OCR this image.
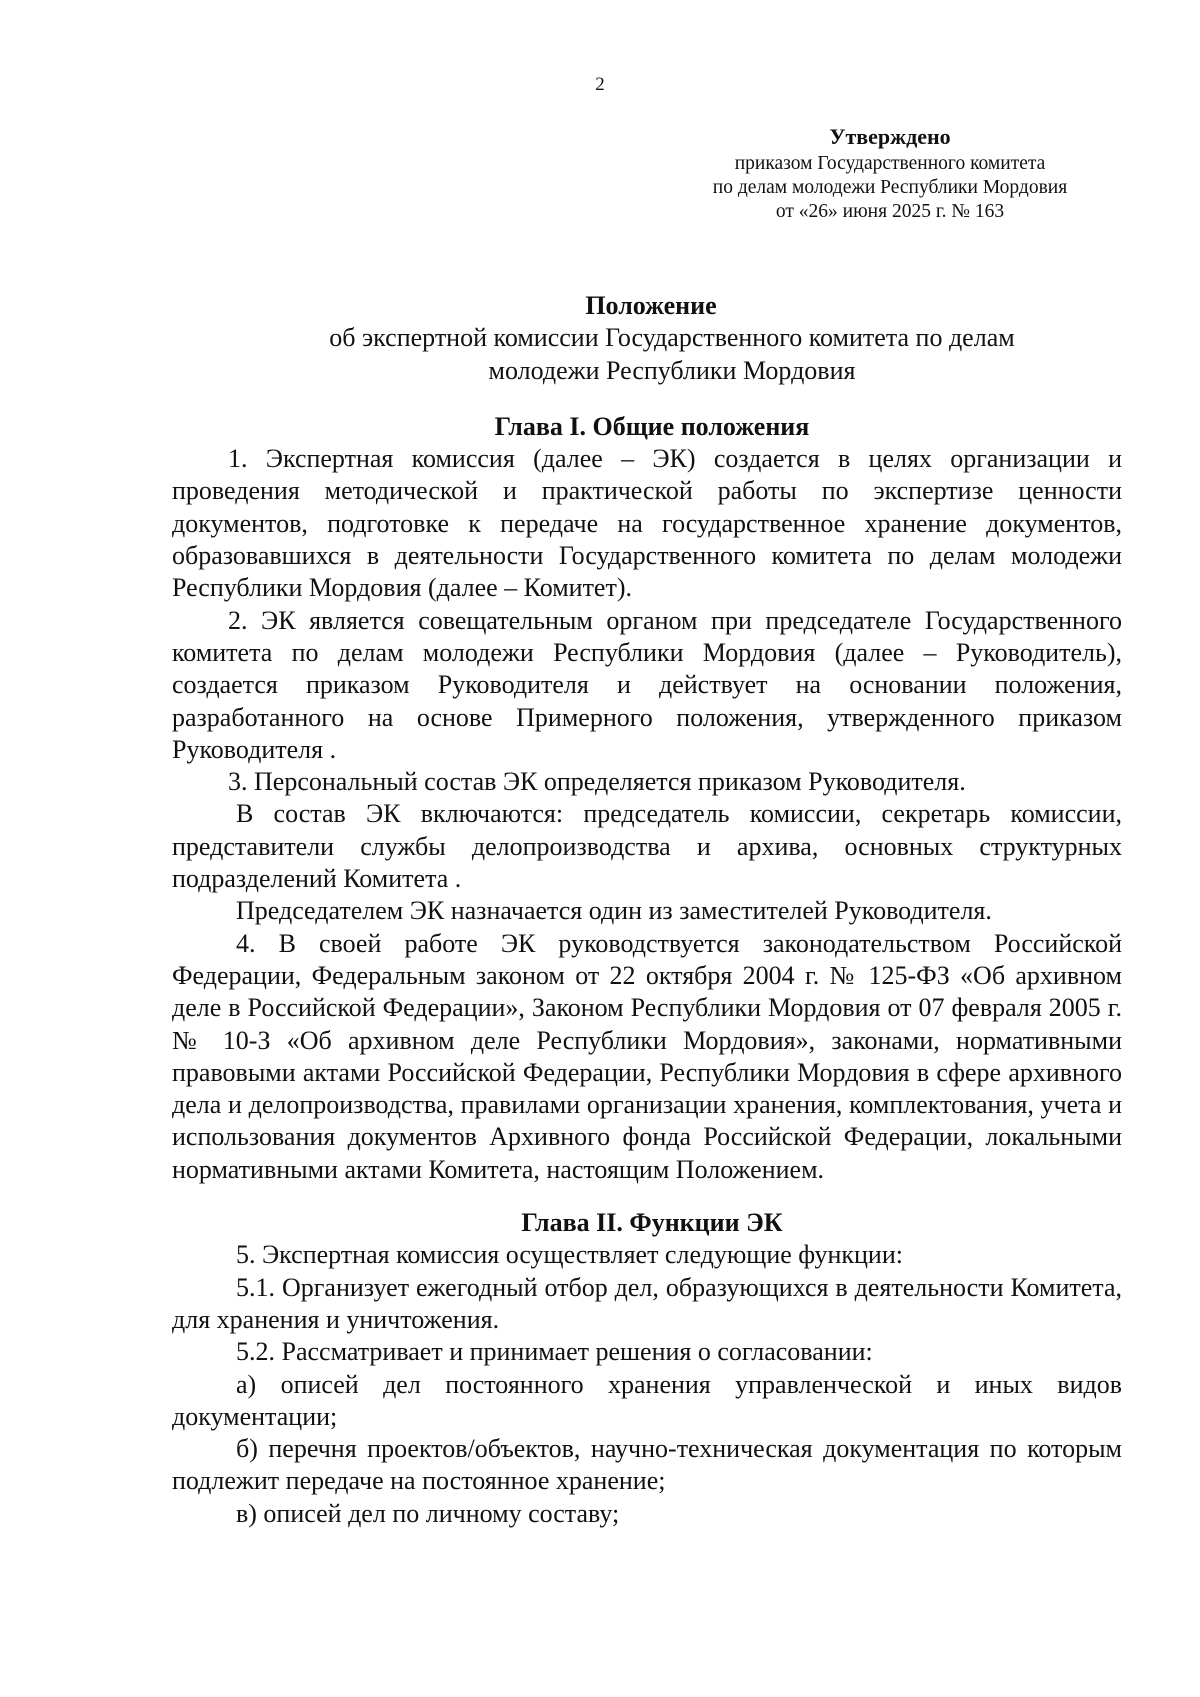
2
Утверждено
приказом Государственного комитета
по делам молодежи Республики Мордовия
от «26» июня 2025 г. № 163
Положение
об экспертной комиссии Государственного комитета по делам
молодежи Республики Мордовия
Глава I. Общие положения

1. Экспертная комиссия (далее – ЭК) создается в целях организации и проведения методической и практической работы по экспертизе ценности документов, подготовке к передаче на государственное хранение документов, образовавшихся в деятельности Государственного комитета по делам молодежи Республики Мордовия (далее – Комитет).

2. ЭК является совещательным органом при председателе Государственного комитета по делам молодежи Республики Мордовия (далее – Руководитель), создается приказом Руководителя и действует на основании положения, разработанного на основе Примерного положения, утвержденного приказом Руководителя .

3. Персональный состав ЭК определяется приказом Руководителя.

В состав ЭК включаются: председатель комиссии, секретарь комиссии, представители службы делопроизводства и архива, основных структурных подразделений Комитета .

Председателем ЭК назначается один из заместителей Руководителя.

4. В своей работе ЭК руководствуется законодательством Российской Федерации, Федеральным законом от 22 октября 2004 г. № 125-ФЗ «Об архивном деле в Российской Федерации», Законом Республики Мордовия от 07 февраля 2005 г. № 10-З «Об архивном деле Республики Мордовия», законами, нормативными правовыми актами Российской Федерации, Республики Мордовия в сфере архивного дела и делопроизводства, правилами организации хранения, комплектования, учета и использования документов Архивного фонда Российской Федерации, локальными нормативными актами Комитета, настоящим Положением.

Глава II. Функции ЭК

5. Экспертная комиссия осуществляет следующие функции:

5.1. Организует ежегодный отбор дел, образующихся в деятельности Комитета, для хранения и уничтожения.

5.2. Рассматривает и принимает решения о согласовании:

а) описей дел постоянного хранения управленческой и иных видов документации;

б) перечня проектов/объектов, научно-техническая документация по которым подлежит передаче на постоянное хранение;

в) описей дел по личному составу;
